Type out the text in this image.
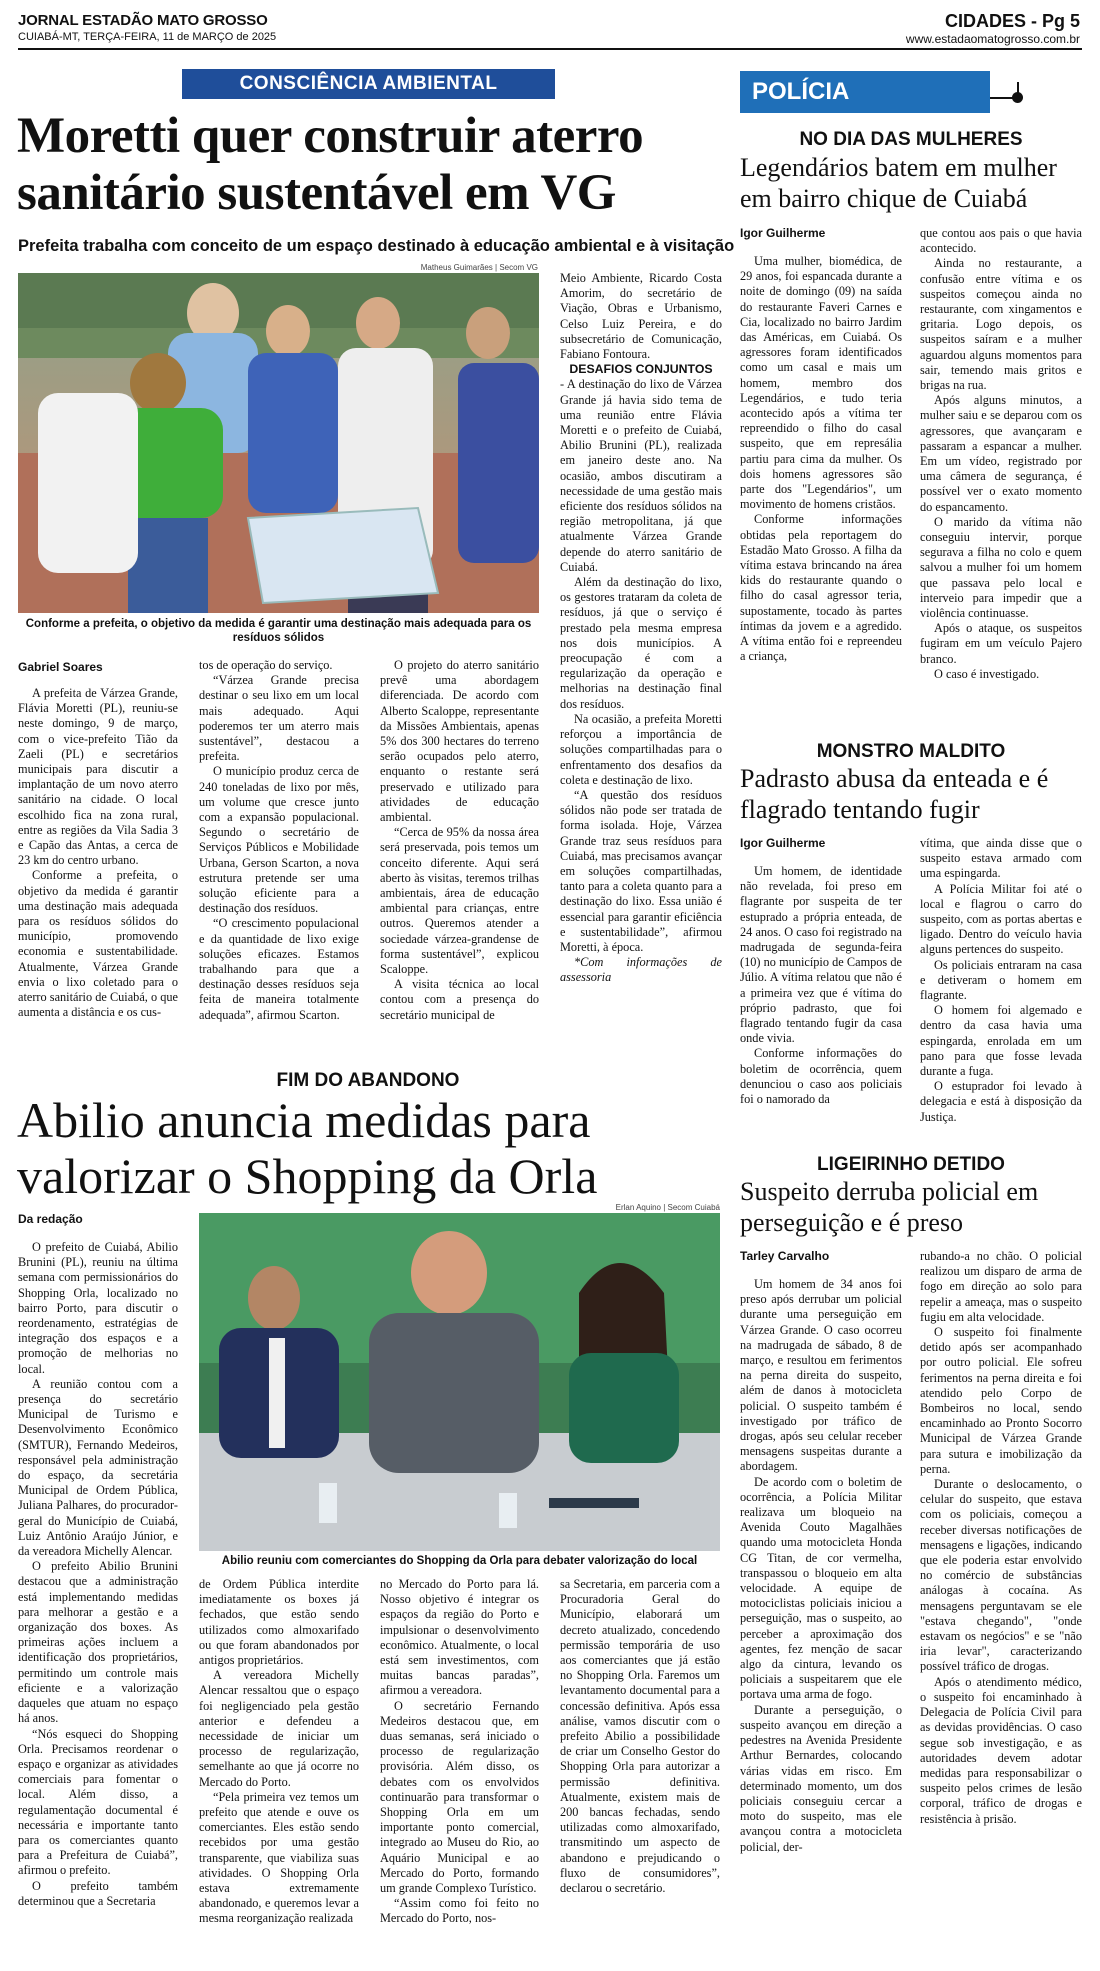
JORNAL ESTADÃO MATO GROSSO
CUIABÁ-MT, TERÇA-FEIRA, 11 de MARÇO de 2025
CIDADES - Pg 5
www.estadaomatogrosso.com.br
CONSCIÊNCIA AMBIENTAL
Moretti quer construir aterro sanitário sustentável em VG
Prefeita trabalha com conceito de um espaço destinado à educação ambiental e à visitação
Matheus Guimarães | Secom VG
Conforme a prefeita, o objetivo da medida é garantir uma destinação mais adequada para os resíduos sólidos
Gabriel Soares

A prefeita de Várzea Grande, Flávia Moretti (PL), reuniu-se neste domingo, 9 de março, com o vice-prefeito Tião da Zaeli (PL) e secretários municipais para discutir a implantação de um novo aterro sanitário na cidade. O local escolhido fica na zona rural, entre as regiões da Vila Sadia 3 e Capão das Antas, a cerca de 23 km do centro urbano.

Conforme a prefeita, o objetivo da medida é garantir uma destinação mais adequada para os resíduos sólidos do município, promovendo economia e sustentabilidade. Atualmente, Várzea Grande envia o lixo coletado para o aterro sanitário de Cuiabá, o que aumenta a distância e os cus-

tos de operação do serviço.

“Várzea Grande precisa destinar o seu lixo em um local mais adequado. Aqui poderemos ter um aterro mais sustentável”, destacou a prefeita.

O município produz cerca de 240 toneladas de lixo por mês, um volume que cresce junto com a expansão populacional. Segundo o secretário de Serviços Públicos e Mobilidade Urbana, Gerson Scarton, a nova estrutura pretende ser uma solução eficiente para a destinação dos resíduos.

“O crescimento populacional e da quantidade de lixo exige soluções eficazes. Estamos trabalhando para que a destinação desses resíduos seja feita de maneira totalmente adequada”, afirmou Scarton.

O projeto do aterro sanitário prevê uma abordagem diferenciada. De acordo com Alberto Scaloppe, representante da Missões Ambientais, apenas 5% dos 300 hectares do terreno serão ocupados pelo aterro, enquanto o restante será preservado e utilizado para atividades de educação ambiental.

“Cerca de 95% da nossa área será preservada, pois temos um conceito diferente. Aqui será aberto às visitas, teremos trilhas ambientais, área de educação ambiental para crianças, entre outros. Queremos atender a sociedade várzea-grandense de forma sustentável”, explicou Scaloppe.

A visita técnica ao local contou com a presença do secretário municipal de

Meio Ambiente, Ricardo Costa Amorim, do secretário de Viação, Obras e Urbanismo, Celso Luiz Pereira, e do subsecretário de Comunicação, Fabiano Fontoura.

DESAFIOS CONJUNTOS

- A destinação do lixo de Várzea Grande já havia sido tema de uma reunião entre Flávia Moretti e o prefeito de Cuiabá, Abilio Brunini (PL), realizada em janeiro deste ano. Na ocasião, ambos discutiram a necessidade de uma gestão mais eficiente dos resíduos sólidos na região metropolitana, já que atualmente Várzea Grande depende do aterro sanitário de Cuiabá.

Além da destinação do lixo, os gestores trataram da coleta de resíduos, já que o serviço é prestado pela mesma empresa nos dois municípios. A preocupação é com a regularização da operação e melhorias na destinação final dos resíduos.

Na ocasião, a prefeita Moretti reforçou a importância de soluções compartilhadas para o enfrentamento dos desafios da coleta e destinação de lixo.

“A questão dos resíduos sólidos não pode ser tratada de forma isolada. Hoje, Várzea Grande traz seus resíduos para Cuiabá, mas precisamos avançar em soluções compartilhadas, tanto para a coleta quanto para a destinação do lixo. Essa união é essencial para garantir eficiência e sustentabilidade”, afirmou Moretti, à época.

*Com informações de assessoria

POLÍCIA
NO DIA DAS MULHERES
Legendários batem em mulher em bairro chique de Cuiabá
Igor Guilherme

Uma mulher, biomédica, de 29 anos, foi espancada durante a noite de domingo (09) na saída do restaurante Faveri Carnes e Cia, localizado no bairro Jardim das Américas, em Cuiabá. Os agressores foram identificados como um casal e mais um homem, membro dos Legendários, e tudo teria acontecido após a vítima ter repreendido o filho do casal suspeito, que em represália partiu para cima da mulher. Os dois homens agressores são parte dos "Legendários", um movimento de homens cristãos.

Conforme informações obtidas pela reportagem do Estadão Mato Grosso. A filha da vítima estava brincando na área kids do restaurante quando o filho do casal agressor teria, supostamente, tocado às partes íntimas da jovem e a agredido. A vítima então foi e repreendeu a criança,

que contou aos pais o que havia acontecido.

Ainda no restaurante, a confusão entre vítima e os suspeitos começou ainda no restaurante, com xingamentos e gritaria. Logo depois, os suspeitos saíram e a mulher aguardou alguns momentos para sair, temendo mais gritos e brigas na rua.

Após alguns minutos, a mulher saiu e se deparou com os agressores, que avançaram e passaram a espancar a mulher. Em um vídeo, registrado por uma câmera de segurança, é possível ver o exato momento do espancamento.

O marido da vítima não conseguiu intervir, porque segurava a filha no colo e quem salvou a mulher foi um homem que passava pelo local e interveio para impedir que a violência continuasse.

Após o ataque, os suspeitos fugiram em um veículo Pajero branco.

O caso é investigado.

MONSTRO MALDITO
Padrasto abusa da enteada e é flagrado tentando fugir
Igor Guilherme

Um homem, de identidade não revelada, foi preso em flagrante por suspeita de ter estuprado a própria enteada, de 24 anos. O caso foi registrado na madrugada de segunda-feira (10) no município de Campos de Júlio. A vítima relatou que não é a primeira vez que é vítima do próprio padrasto, que foi flagrado tentando fugir da casa onde vivia.

Conforme informações do boletim de ocorrência, quem denunciou o caso aos policiais foi o namorado da

vítima, que ainda disse que o suspeito estava armado com uma espingarda.

A Polícia Militar foi até o local e flagrou o carro do suspeito, com as portas abertas e ligado. Dentro do veículo havia alguns pertences do suspeito.

Os policiais entraram na casa e detiveram o homem em flagrante.

O homem foi algemado e dentro da casa havia uma espingarda, enrolada em um pano para que fosse levada durante a fuga.

O estuprador foi levado à delegacia e está à disposição da Justiça.

LIGEIRINHO DETIDO
Suspeito derruba policial em perseguição e é preso
Tarley Carvalho

Um homem de 34 anos foi preso após derrubar um policial durante uma perseguição em Várzea Grande. O caso ocorreu na madrugada de sábado, 8 de março, e resultou em ferimentos na perna direita do suspeito, além de danos à motocicleta policial. O suspeito também é investigado por tráfico de drogas, após seu celular receber mensagens suspeitas durante a abordagem.

De acordo com o boletim de ocorrência, a Polícia Militar realizava um bloqueio na Avenida Couto Magalhães quando uma motocicleta Honda CG Titan, de cor vermelha, transpassou o bloqueio em alta velocidade. A equipe de motociclistas policiais iniciou a perseguição, mas o suspeito, ao perceber a aproximação dos agentes, fez menção de sacar algo da cintura, levando os policiais a suspeitarem que ele portava uma arma de fogo.

Durante a perseguição, o suspeito avançou em direção a pedestres na Avenida Presidente Arthur Bernardes, colocando várias vidas em risco. Em determinado momento, um dos policiais conseguiu cercar a moto do suspeito, mas ele avançou contra a motocicleta policial, der-

rubando-a no chão. O policial realizou um disparo de arma de fogo em direção ao solo para repelir a ameaça, mas o suspeito fugiu em alta velocidade.

O suspeito foi finalmente detido após ser acompanhado por outro policial. Ele sofreu ferimentos na perna direita e foi atendido pelo Corpo de Bombeiros no local, sendo encaminhado ao Pronto Socorro Municipal de Várzea Grande para sutura e imobilização da perna.

Durante o deslocamento, o celular do suspeito, que estava com os policiais, começou a receber diversas notificações de mensagens e ligações, indicando que ele poderia estar envolvido no comércio de substâncias análogas à cocaína. As mensagens perguntavam se ele "estava chegando", "onde estavam os negócios" e se "não iria levar", caracterizando possível tráfico de drogas.

Após o atendimento médico, o suspeito foi encaminhado à Delegacia de Polícia Civil para as devidas providências. O caso segue sob investigação, e as autoridades devem adotar medidas para responsabilizar o suspeito pelos crimes de lesão corporal, tráfico de drogas e resistência à prisão.

FIM DO ABANDONO
Abilio anuncia medidas para valorizar o Shopping da Orla
Da redação
Erlan Aquino | Secom Cuiabá
Abilio reuniu com comerciantes do Shopping da Orla para debater valorização do local

O prefeito de Cuiabá, Abilio Brunini (PL), reuniu na última semana com permissionários do Shopping Orla, localizado no bairro Porto, para discutir o reordenamento, estratégias de integração dos espaços e a promoção de melhorias no local.

A reunião contou com a presença do secretário Municipal de Turismo e Desenvolvimento Econômico (SMTUR), Fernando Medeiros, responsável pela administração do espaço, da secretária Municipal de Ordem Pública, Juliana Palhares, do procurador-geral do Município de Cuiabá, Luiz Antônio Araújo Júnior, e da vereadora Michelly Alencar.

O prefeito Abilio Brunini destacou que a administração está implementando medidas para melhorar a gestão e a organização dos boxes. As primeiras ações incluem a identificação dos proprietários, permitindo um controle mais eficiente e a valorização daqueles que atuam no espaço há anos.

“Nós esqueci do Shopping Orla. Precisamos reordenar o espaço e organizar as atividades comerciais para fomentar o local. Além disso, a regulamentação documental é necessária e importante tanto para os comerciantes quanto para a Prefeitura de Cuiabá”, afirmou o prefeito.

O prefeito também determinou que a Secretaria

de Ordem Pública interdite imediatamente os boxes já fechados, que estão sendo utilizados como almoxarifado ou que foram abandonados por antigos proprietários.

A vereadora Michelly Alencar ressaltou que o espaço foi negligenciado pela gestão anterior e defendeu a necessidade de iniciar um processo de regularização, semelhante ao que já ocorre no Mercado do Porto.

“Pela primeira vez temos um prefeito que atende e ouve os comerciantes. Eles estão sendo recebidos por uma gestão transparente, que viabiliza suas atividades. O Shopping Orla estava extremamente abandonado, e queremos levar a mesma reorganização realizada

no Mercado do Porto para lá. Nosso objetivo é integrar os espaços da região do Porto e impulsionar o desenvolvimento econômico. Atualmente, o local está sem investimentos, com muitas bancas paradas”, afirmou a vereadora.

O secretário Fernando Medeiros destacou que, em duas semanas, será iniciado o processo de regularização provisória. Além disso, os debates com os envolvidos continuarão para transformar o Shopping Orla em um importante ponto comercial, integrado ao Museu do Rio, ao Aquário Municipal e ao Mercado do Porto, formando um grande Complexo Turístico.

“Assim como foi feito no Mercado do Porto, nos-

sa Secretaria, em parceria com a Procuradoria Geral do Município, elaborará um decreto atualizado, concedendo permissão temporária de uso aos comerciantes que já estão no Shopping Orla. Faremos um levantamento documental para a concessão definitiva. Após essa análise, vamos discutir com o prefeito Abilio a possibilidade de criar um Conselho Gestor do Shopping Orla para autorizar a permissão definitiva. Atualmente, existem mais de 200 bancas fechadas, sendo utilizadas como almoxarifado, transmitindo um aspecto de abandono e prejudicando o fluxo de consumidores”, declarou o secretário.
